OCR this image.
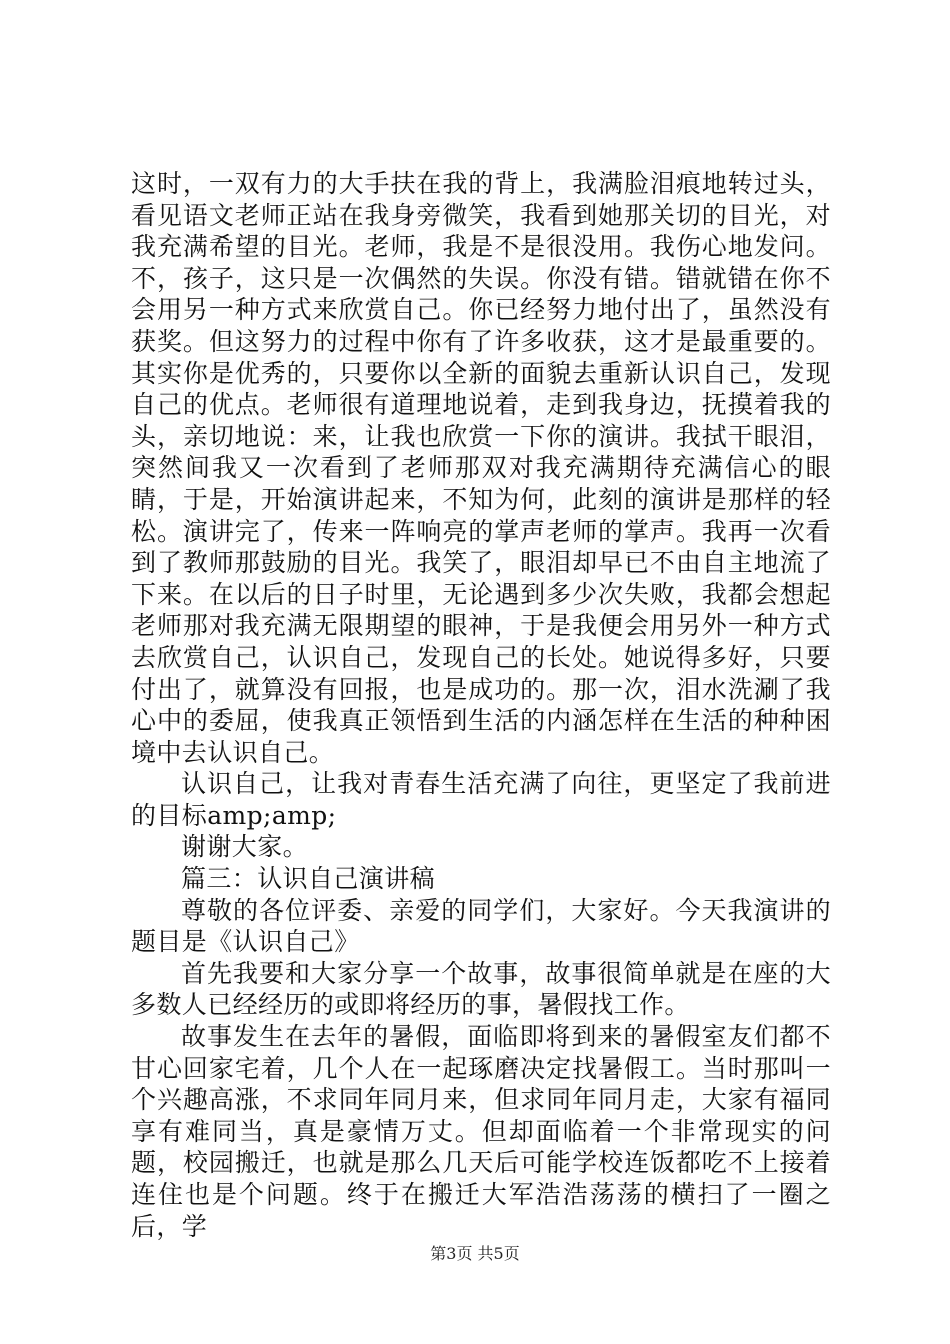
这时，一双有力的大手扶在我的背上，我满脸泪痕地转过头，看见语文老师正站在我身旁微笑，我看到她那关切的目光，对我充满希望的目光。老师，我是不是很没用。我伤心地发问。不，孩子，这只是一次偶然的失误。你没有错。错就错在你不会用另一种方式来欣赏自己。你已经努力地付出了，虽然没有获奖。但这努力的过程中你有了许多收获，这才是最重要的。其实你是优秀的，只要你以全新的面貌去重新认识自己，发现自己的优点。老师很有道理地说着，走到我身边，抚摸着我的头，亲切地说：来，让我也欣赏一下你的演讲。我拭干眼泪，突然间我又一次看到了老师那双对我充满期待充满信心的眼睛，于是，开始演讲起来，不知为何，此刻的演讲是那样的轻松。演讲完了，传来一阵响亮的掌声老师的掌声。我再一次看到了教师那鼓励的目光。我笑了，眼泪却早已不由自主地流了下来。在以后的日子时里，无论遇到多少次失败，我都会想起老师那对我充满无限期望的眼神，于是我便会用另外一种方式去欣赏自己，认识自己，发现自己的长处。她说得多好，只要付出了，就算没有回报，也是成功的。那一次，泪水洗涮了我心中的委屈，使我真正领悟到生活的内涵怎样在生活的种种困境中去认识自己。

认识自己，让我对青春生活充满了向往，更坚定了我前进的目标amp;amp;

谢谢大家。

篇三：认识自己演讲稿

尊敬的各位评委、亲爱的同学们，大家好。今天我演讲的题目是《认识自己》

首先我要和大家分享一个故事，故事很简单就是在座的大多数人已经经历的或即将经历的事，暑假找工作。

故事发生在去年的暑假，面临即将到来的暑假室友们都不甘心回家宅着，几个人在一起琢磨决定找暑假工。当时那叫一个兴趣高涨，不求同年同月来，但求同年同月走，大家有福同享有难同当，真是豪情万丈。但却面临着一个非常现实的问题，校园搬迁，也就是那么几天后可能学校连饭都吃不上接着连住也是个问题。终于在搬迁大军浩浩荡荡的横扫了一圈之后，学

第3页 共5页
